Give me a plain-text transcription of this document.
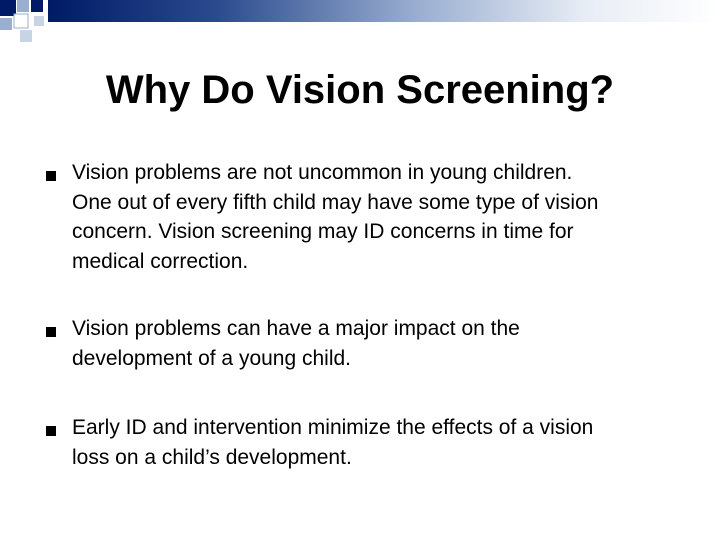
Why Do Vision Screening?
Vision problems are not uncommon in young children.
One out of every fifth child may have some type of vision
concern. Vision screening may ID concerns in time for
medical correction.
Vision problems can have a major impact on the
development of a young child.
Early ID and intervention minimize the effects of a vision
loss on a child’s development.
